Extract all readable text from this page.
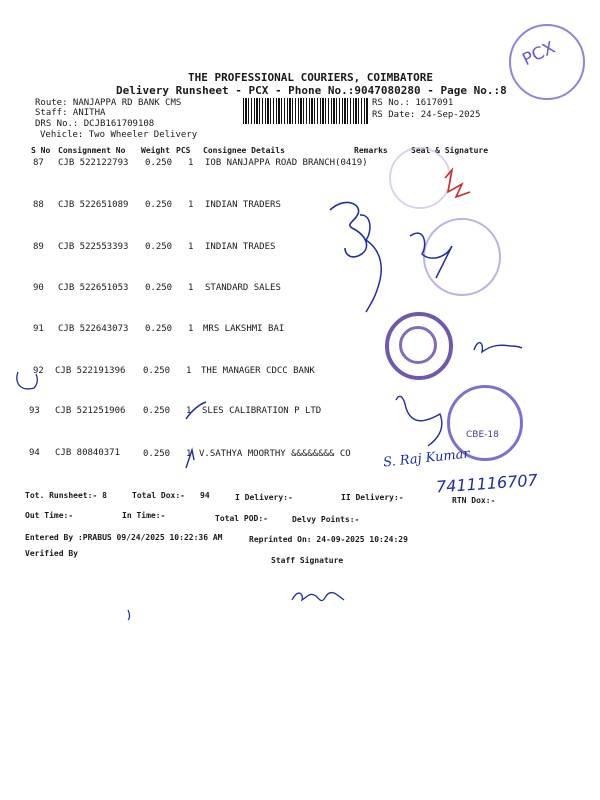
THE PROFESSIONAL COURIERS, COIMBATORE
Delivery Runsheet - PCX - Phone No.:9047080280 - Page No.:8
Route: NANJAPPA RD BANK CMS
Staff: ANITHA
DRS No.: DCJB161709108
Vehicle: Two Wheeler Delivery
RS No.: 1617091
RS Date: 24-Sep-2025
S No Consignment No Weight PCS Consignee Details	Remarks	Seal & Signature
87 CJB 522122793 0.250 1 IOB NANJAPPA ROAD BRANCH(0419)
88 CJB 522651089 0.250 1 INDIAN TRADERS
89 CJB 522553393 0.250 1 INDIAN TRADES
90 CJB 522651053 0.250 1 STANDARD SALES
91 CJB 522643073 0.250 1 MRS LAKSHMI BAI
92 CJB 522191396 0.250 1 THE MANAGER CDCC BANK
93 CJB 521251906 0.250 1 SLES CALIBRATION P LTD
94 CJB 80840371	0.250 1 V.SATHYA MOORTHY &&&&&&&& CO
Tot. Runsheet:- 8	Total Dox:- 94	I Delivery:-	II Delivery:-	RTN Dox:-
Out Time:-	In Time:-	Total POD:-	Delvy Points:-
Entered By :PRABUS 09/24/2025 10:22:36 AM	Reprinted On: 24-09-2025 10:24:29
Verified By
Staff Signature
PCX
CBE-18
7411116707
S. Raj Kumar
